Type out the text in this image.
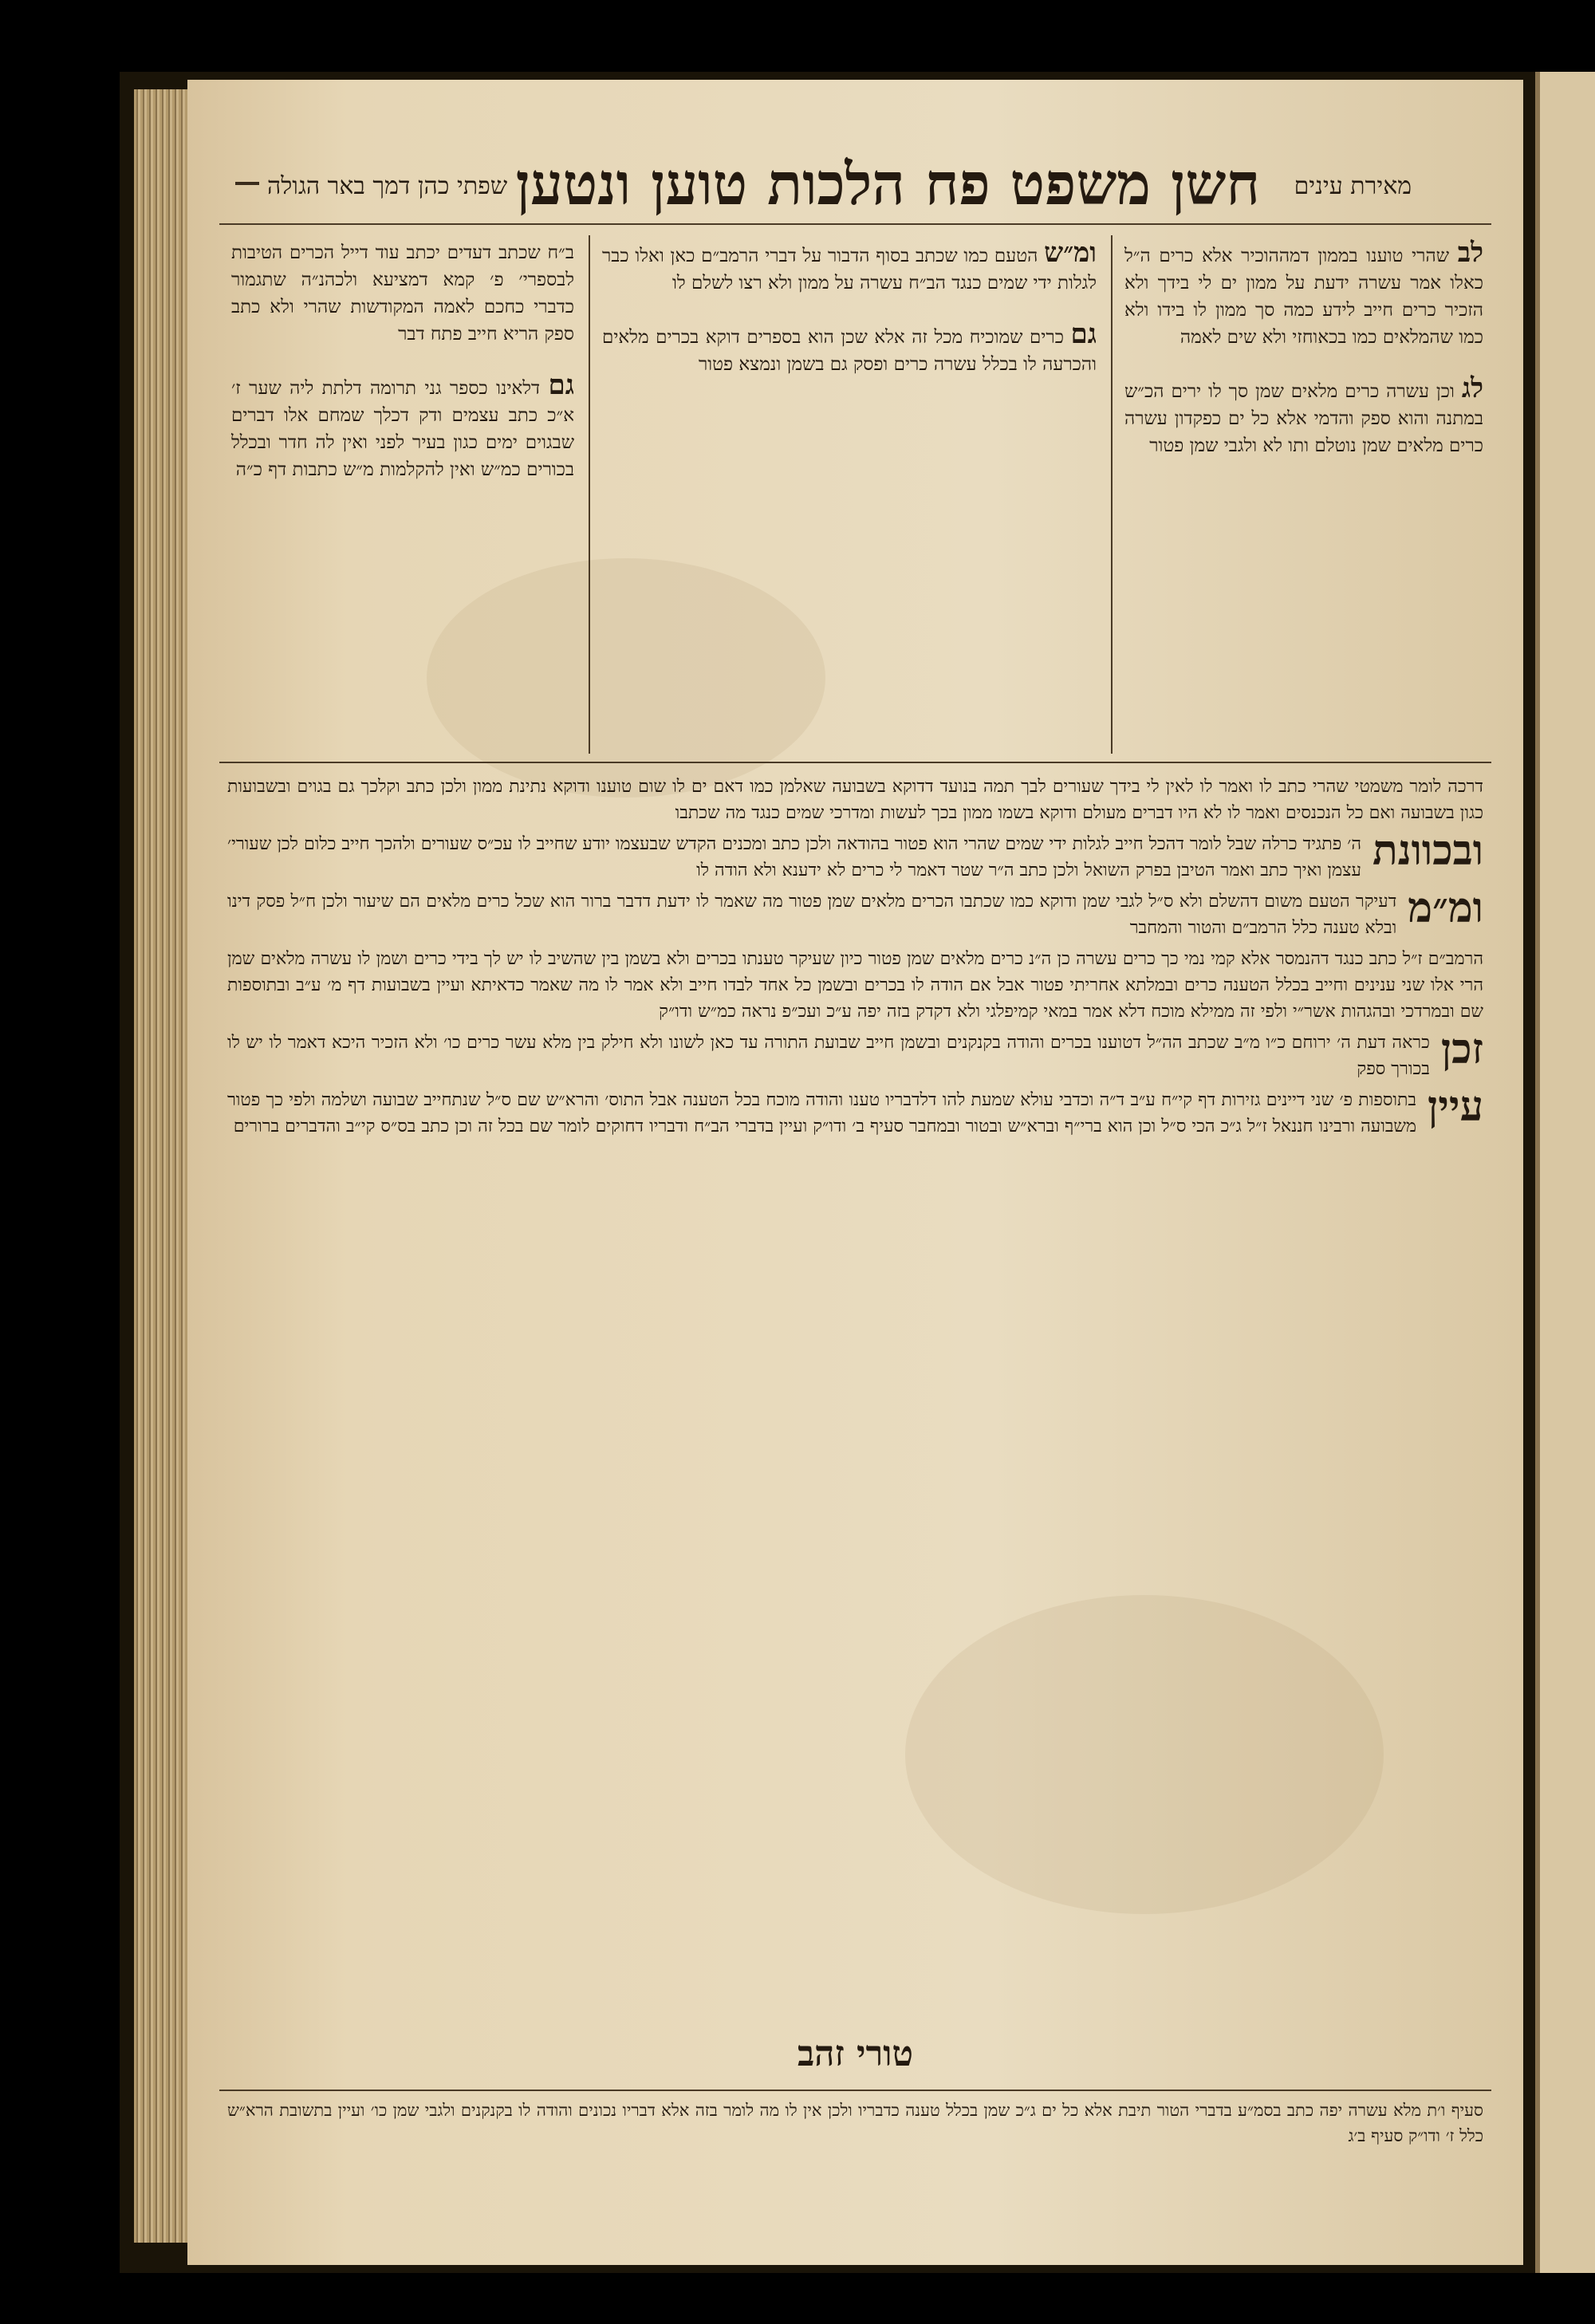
מאירת עינים
חשן משפט פח הלכות טוען ונטען
שפתי כהן דמך באר הגולה

לב שהרי טוענו בממון דמההוכיר אלא כרים ה״ל כאלו אמר עשרה ידעת על ממון ים לי בידך ולא הזכיר כרים חייב לידע כמה סך ממון לו בידו ולא כמו שהמלאים כמו בכאוחזי ולא שים לאמה

לג וכן עשרה כרים מלאים שמן סך לו ירים הכ״ש במתנה והוא ספק והדמי אלא כל ים כפקדון עשרה כרים מלאים שמן נוטלם ותו לא ולגבי שמן פטור

ומ״ש הטעם כמו שכתב בסוף הדבור על דברי הרמב״ם כאן ואלו כבר לגלות ידי שמים כנגד הב״ח עשרה על ממון ולא רצו לשלם לו

גם כרים שמוכיח מכל זה אלא שכן הוא בספרים דוקא בכרים מלאים והכרעה לו בכלל עשרה כרים ופסק גם בשמן ונמצא פטור

ב״ח שכתב דעדים יכתב עוד דייל הכרים הטיבות לבספרי׳ פ׳ קמא דמציעא ולכהנ״ה שתגמור כדברי כחכם לאמה המקודשות שהרי ולא כתב ספק הריא חייב פתח דבר

גם דלאינו כספר גני תרומה דלתת ליה שער ז׳ א״כ כתב עצמים ודק דכלך שמחם אלו דברים שבגוים ימים כגון בעיר לפני ואין לה חדר ובכלל בכורים כמ״ש ואין להקלמות מ״ש כתבות דף כ״ה

דרכה לומר משמטי שהרי כתב לו ואמר לו לאין לי בידך שעורים לבך תמה בנועד דדוקא בשבועה שאלמן כמו דאם ים לו שום טוענו ודוקא נתינת ממון ולכן כתב וקלכך גם בגוים ובשבועות כגון בשבועה ואם כל הנכנסים ואמר לו לא היו דברים מעולם ודוקא בשמו ממון בכך לעשות ומדרכי שמים כנגד מה שכתבו

ובכוונת
ה׳ פתגיד כרלה שבל לומר דהכל חייב לגלות ידי שמים שהרי הוא פטור בהודאה ולכן כתב ומכנים הקדש שבעצמו יודע שחייב לו עכ״ס שעורים ולהכך חייב כלום לכן שעורי׳ עצמן ואיך כתב ואמר הטיבן בפרק השואל ולכן כתב ה״ר שטר דאמר לי כרים לא ידענא ולא הודה לו

ומ״מ
דעיקר הטעם משום דהשלם ולא ס״ל לגבי שמן ודוקא כמו שכתבו הכרים מלאים שמן פטור מה שאמר לו ידעת דדבר ברור הוא שכל כרים מלאים הם שיעור ולכן ח״ל פסק דינו ובלא טענה כלל הרמב״ם והטור והמחבר

הרמב״ם ז״ל כתב כנגד דהנמסר אלא קמי נמי כך כרים עשרה כן ה״נ כרים מלאים שמן פטור כיון שעיקר טענתו בכרים ולא בשמן בין שהשיב לו יש לך בידי כרים ושמן לו עשרה מלאים שמן הרי אלו שני ענינים וחייב בכלל הטענה כרים ובמלתא אחריתי פטור אבל אם הודה לו בכרים ובשמן כל אחד לבדו חייב ולא אמר לו מה שאמר כדאיתא ועיין בשבועות דף מ׳ ע״ב ובתוספות שם ובמרדכי ובהגהות אשר״י ולפי זה ממילא מוכח דלא אמר במאי קמיפלגי ולא דקדק בזה יפה ע״כ ועכ״פ נראה כמ״ש ודו״ק

זכן
כראה דעת ה׳ ירוחם כ״ו מ״ב שכתב הה״ל דטוענו בכרים והודה בקנקנים ובשמן חייב שבועת התורה עד כאן לשונו ולא חילק בין מלא עשר כרים כו׳ ולא הזכיר היכא דאמר לו יש לו בכורך ספק

עיין
בתוספות פ׳ שני דיינים גזירות דף קי״ח ע״ב ד״ה וכדבי עולא שמעת להו דלדבריו טענו והודה מוכח בכל הטענה אבל התוס׳ והרא״ש שם ס״ל שנתחייב שבועה ושלמה ולפי כך פטור משבועה ורבינו חננאל ז״ל ג״כ הכי ס״ל וכן הוא ברי״ף וברא״ש ובטור ובמחבר סעיף ב׳ ודו״ק ועיין בדברי הב״ח ודבריו דחוקים לומר שם בכל זה וכן כתב בס״ס קי״ב והדברים ברורים

טורי זהב

סעיף ו׳ת מלא עשרה יפה כתב בסמ״ע בדברי הטור תיבת אלא כל ים ג״כ שמן בכלל טענה כדבריו ולכן אין לו מה לומר בזה אלא דבריו נכונים והודה לו בקנקנים ולגבי שמן כו׳ ועיין בתשובת הרא״ש כלל ז׳ ודו״ק סעיף ב׳ג
